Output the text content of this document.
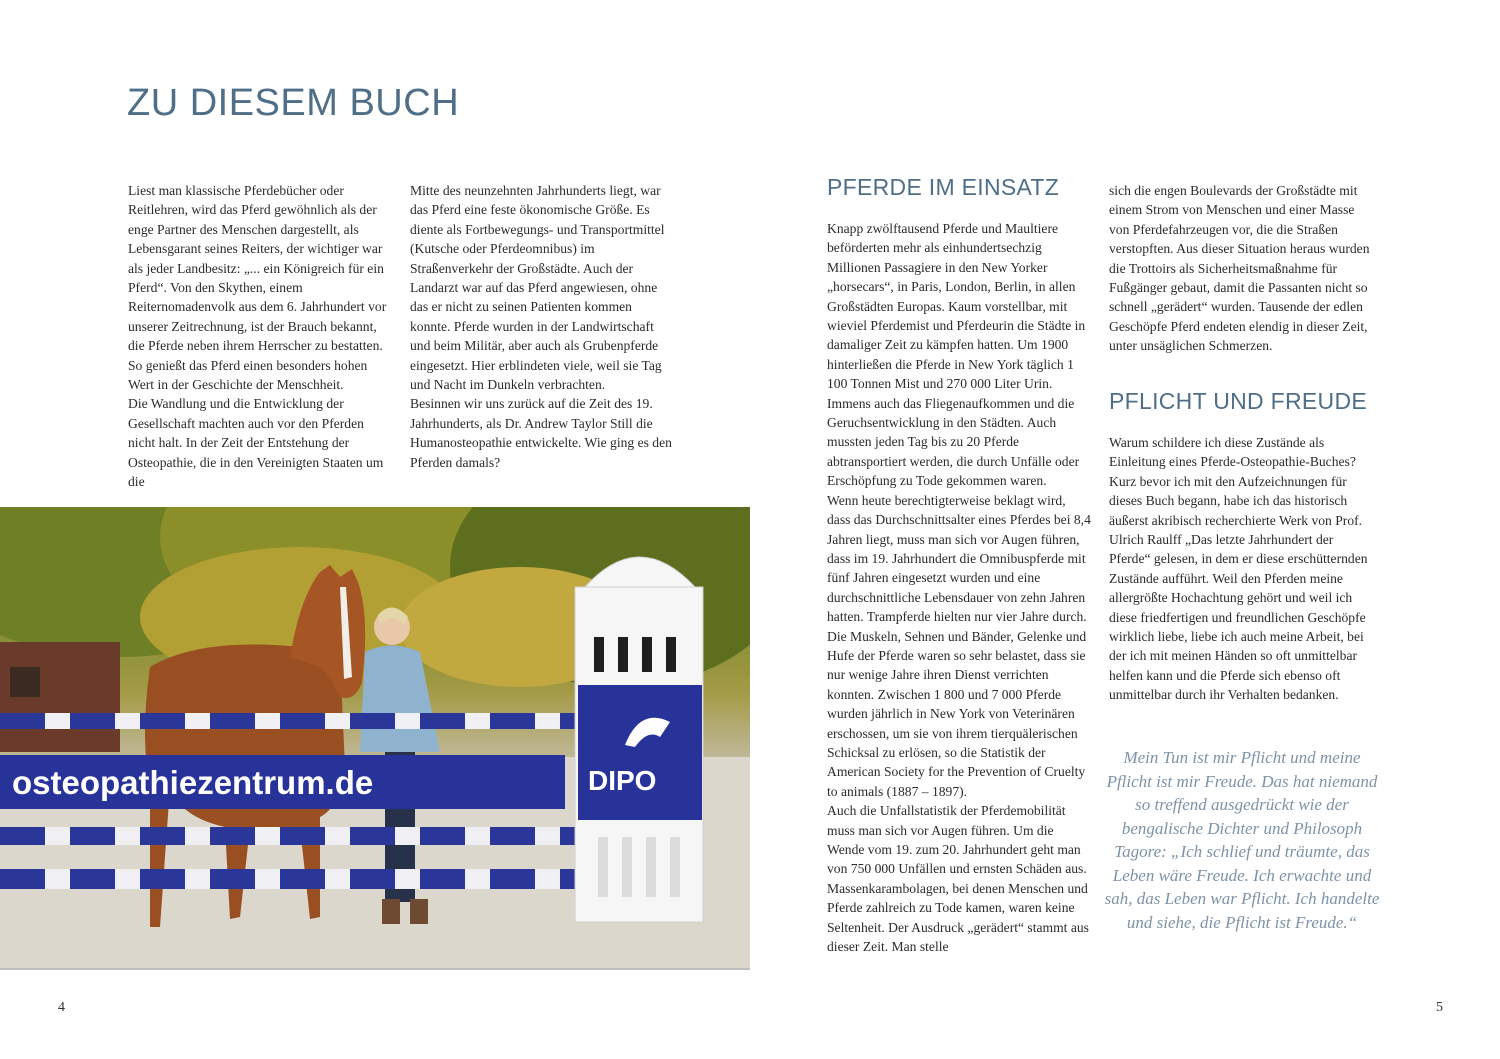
ZU DIESEM BUCH

Liest man klassische Pferdebücher oder Reitlehren, wird das Pferd gewöhnlich als der enge Partner des Menschen dargestellt, als Lebensgarant seines Reiters, der wichtiger war als jeder Landbesitz: „... ein Königreich für ein Pferd“. Von den Skythen, einem Reiternomadenvolk aus dem 6. Jahrhundert vor unserer Zeitrechnung, ist der Brauch bekannt, die Pferde neben ihrem Herrscher zu bestatten. So genießt das Pferd einen besonders hohen Wert in der Geschichte der Menschheit.

Die Wandlung und die Entwicklung der Gesellschaft machten auch vor den Pferden nicht halt. In der Zeit der Entstehung der Osteopathie, die in den Vereinigten Staaten um die

Mitte des neunzehnten Jahrhunderts liegt, war das Pferd eine feste ökonomische Größe. Es diente als Fortbewegungs- und Transportmittel (Kutsche oder Pferdeomnibus) im Straßenverkehr der Großstädte. Auch der Landarzt war auf das Pferd angewiesen, ohne das er nicht zu seinen Patienten kommen konnte. Pferde wurden in der Landwirtschaft und beim Militär, aber auch als Grubenpferde eingesetzt. Hier erblindeten viele, weil sie Tag und Nacht im Dunkeln verbrachten.

Besinnen wir uns zurück auf die Zeit des 19. Jahrhunderts, als Dr. Andrew Taylor Still die Humanosteopathie entwickelte. Wie ging es den Pferden damals?

osteopathiezentrum.de	DIPO
4
PFERDE IM EINSATZ

Knapp zwölftausend Pferde und Maultiere beförderten mehr als einhundertsechzig Millionen Passagiere in den New Yorker „horsecars“, in Paris, London, Berlin, in allen Großstädten Europas. Kaum vorstellbar, mit wieviel Pferdemist und Pferdeurin die Städte in damaliger Zeit zu kämpfen hatten. Um 1900 hinterließen die Pferde in New York täglich 1 100 Tonnen Mist und 270 000 Liter Urin. Immens auch das Fliegenaufkommen und die Geruchsentwicklung in den Städten. Auch mussten jeden Tag bis zu 20 Pferde abtransportiert werden, die durch Unfälle oder Erschöpfung zu Tode gekommen waren.

Wenn heute berechtigterweise beklagt wird, dass das Durchschnittsalter eines Pferdes bei 8,4 Jahren liegt, muss man sich vor Augen führen, dass im 19. Jahrhundert die Omnibuspferde mit fünf Jahren eingesetzt wurden und eine durchschnittliche Lebensdauer von zehn Jahren hatten. Trampferde hielten nur vier Jahre durch.

Die Muskeln, Sehnen und Bänder, Gelenke und Hufe der Pferde waren so sehr belastet, dass sie nur wenige Jahre ihren Dienst verrichten konnten. Zwischen 1 800 und 7 000 Pferde wurden jährlich in New York von Veterinären erschossen, um sie von ihrem tierquälerischen Schicksal zu erlösen, so die Statistik der American Society for the Prevention of Cruelty to animals (1887 – 1897).

Auch die Unfallstatistik der Pferdemobilität muss man sich vor Augen führen. Um die Wende vom 19. zum 20. Jahrhundert geht man von 750 000 Unfällen und ernsten Schäden aus. Massenkarambolagen, bei denen Menschen und Pferde zahlreich zu Tode kamen, waren keine Seltenheit. Der Ausdruck „gerädert“ stammt aus dieser Zeit. Man stelle

sich die engen Boulevards der Großstädte mit einem Strom von Menschen und einer Masse von Pferdefahrzeugen vor, die die Straßen verstopften. Aus dieser Situation heraus wurden die Trottoirs als Sicherheitsmaßnahme für Fußgänger gebaut, damit die Passanten nicht so schnell „gerädert“ wurden. Tausende der edlen Geschöpfe Pferd endeten elendig in dieser Zeit, unter unsäglichen Schmerzen.

PFLICHT UND FREUDE

Warum schildere ich diese Zustände als Einleitung eines Pferde-Osteopathie-Buches? Kurz bevor ich mit den Aufzeichnungen für dieses Buch begann, habe ich das historisch äußerst akribisch recherchierte Werk von Prof. Ulrich Raulff „Das letzte Jahrhundert der Pferde“ gelesen, in dem er diese erschütternden Zustände aufführt. Weil den Pferden meine allergrößte Hochachtung gehört und weil ich diese friedfertigen und freundlichen Geschöpfe wirklich liebe, liebe ich auch meine Arbeit, bei der ich mit meinen Händen so oft unmittelbar helfen kann und die Pferde sich ebenso oft unmittelbar durch ihr Verhalten bedanken.

Mein Tun ist mir Pflicht und meine Pflicht ist mir Freude. Das hat niemand so treffend ausgedrückt wie der bengalische Dichter und Philosoph Tagore: „Ich schlief und träumte, das Leben wäre Freude. Ich erwachte und sah, das Leben war Pflicht. Ich handelte und siehe, die Pflicht ist Freude.“

5
